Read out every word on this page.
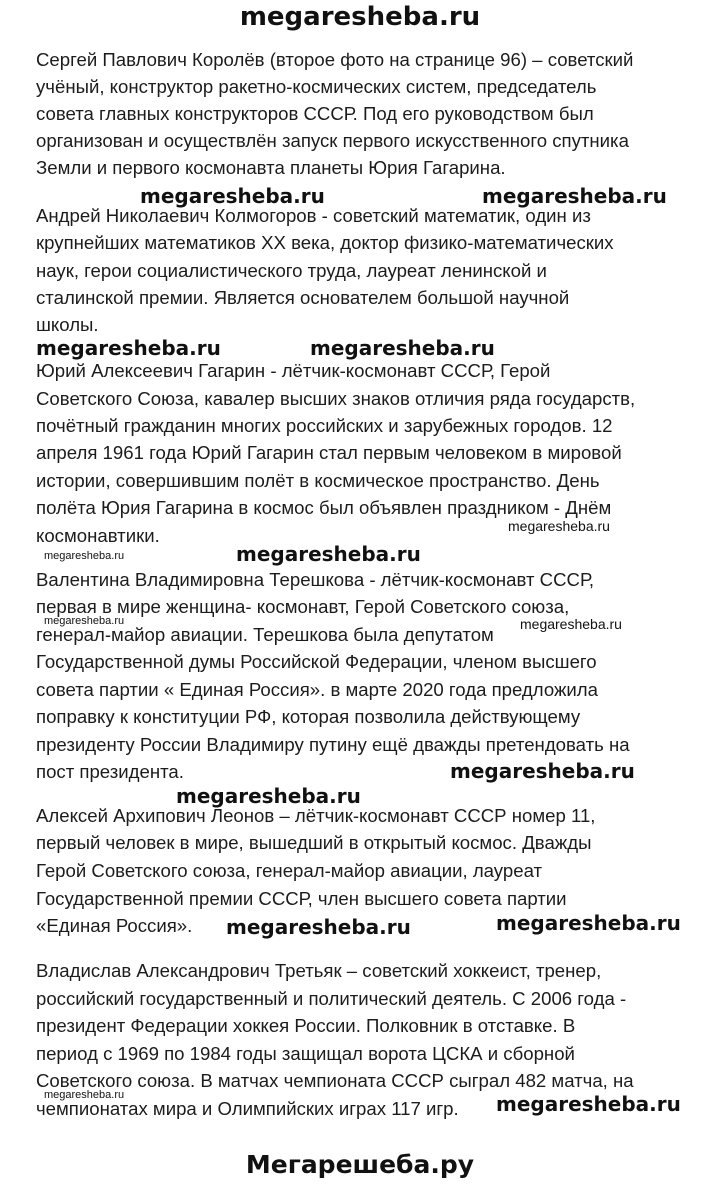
megaresheba.ru
Сергей Павлович Королёв (второе фото на странице 96) – советский
учёный, конструктор ракетно-космических систем, председатель
совета главных конструкторов СССР. Под его руководством был
организован и осуществлён запуск первого искусственного спутника
Земли и первого космонавта планеты Юрия Гагарина.
megaresheba.ru	megaresheba.ru
Андрей Николаевич Колмогоров - советский математик, один из
крупнейших математиков XX века, доктор физико-математических
наук, герои социалистического труда, лауреат ленинской и
сталинской премии. Является основателем большой научной
школы.
megaresheba.ru	megaresheba.ru
Юрий Алексеевич Гагарин - лётчик-космонавт СССР, Герой
Советского Союза, кавалер высших знаков отличия ряда государств,
почётный гражданин многих российских и зарубежных городов. 12
апреля 1961 года Юрий Гагарин стал первым человеком в мировой
истории, совершившим полёт в космическое пространство. День
полёта Юрия Гагарина в космос был объявлен праздником - Днём
космонавтики.	megaresheba.ru
megaresheba.ru	megaresheba.ru
Валентина Владимировна Терешкова - лётчик-космонавт СССР,
первая в мире женщина- космонавт, Герой Советского союза,
генерал-майор авиации. Терешкова была депутатом
Государственной думы Российской Федерации, членом высшего
совета партии « Единая Россия». в марте 2020 года предложила
поправку к конституции РФ, которая позволила действующему
президенту России Владимиру путину ещё дважды претендовать на
пост президента.
megaresheba.ru	megaresheba.ru
megaresheba.ru
megaresheba.ru
Алексей Архипович Леонов – лётчик-космонавт СССР номер 11,
первый человек в мире, вышедший в открытый космос. Дважды
Герой Советского союза, генерал-майор авиации, лауреат
Государственной премии СССР, член высшего совета партии
«Единая Россия». megaresheba.ru	megaresheba.ru
Владислав Александрович Третьяк – советский хоккеист, тренер,
российский государственный и политический деятель. С 2006 года -
президент Федерации хоккея России. Полковник в отставке. В
период с 1969 по 1984 годы защищал ворота ЦСКА и сборной
Советского союза. В матчах чемпионата СССР сыграл 482 матча, на
чемпионатах мира и Олимпийских играх 117 игр.
megaresheba.ru	megaresheba.ru
Мегарешеба.ру
